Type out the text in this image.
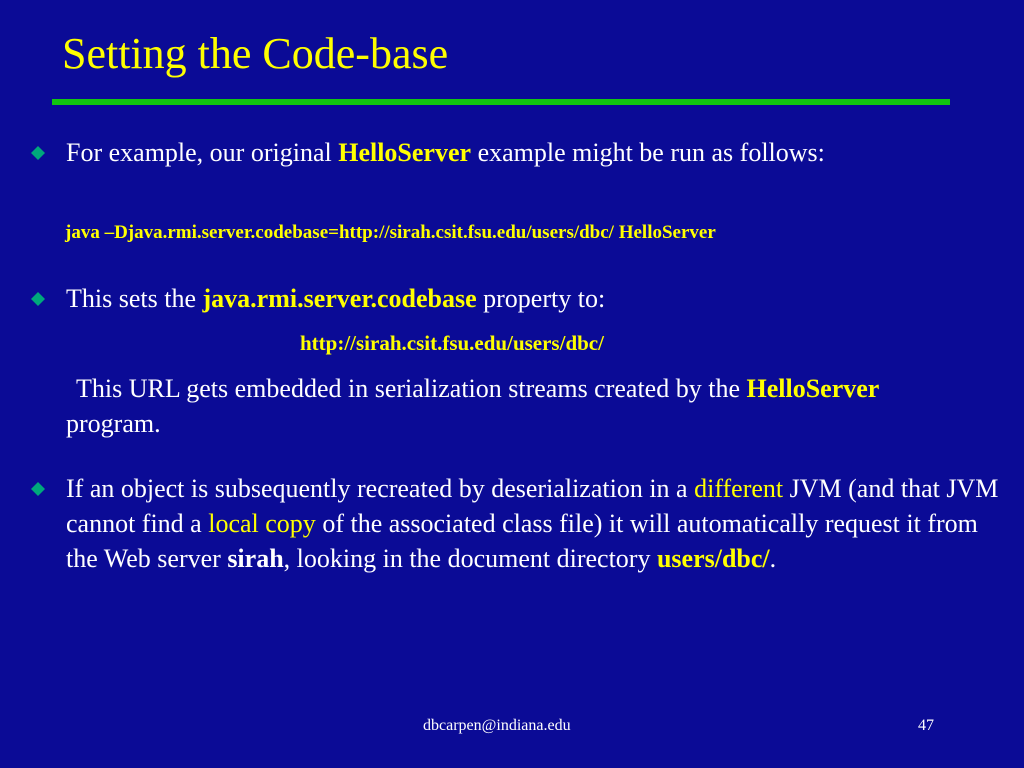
Setting the Code-base
For example, our original HelloServer example might be run as follows:
java –Djava.rmi.server.codebase=http://sirah.csit.fsu.edu/users/dbc/ HelloServer
This sets the java.rmi.server.codebase property to:
http://sirah.csit.fsu.edu/users/dbc/
This URL gets embedded in serialization streams created by the HelloServer program.
If an object is subsequently recreated by deserialization in a different JVM (and that JVM cannot find a local copy of the associated class file) it will automatically request it from the Web server sirah, looking in the document directory users/dbc/.
dbcarpen@indiana.edu	47
